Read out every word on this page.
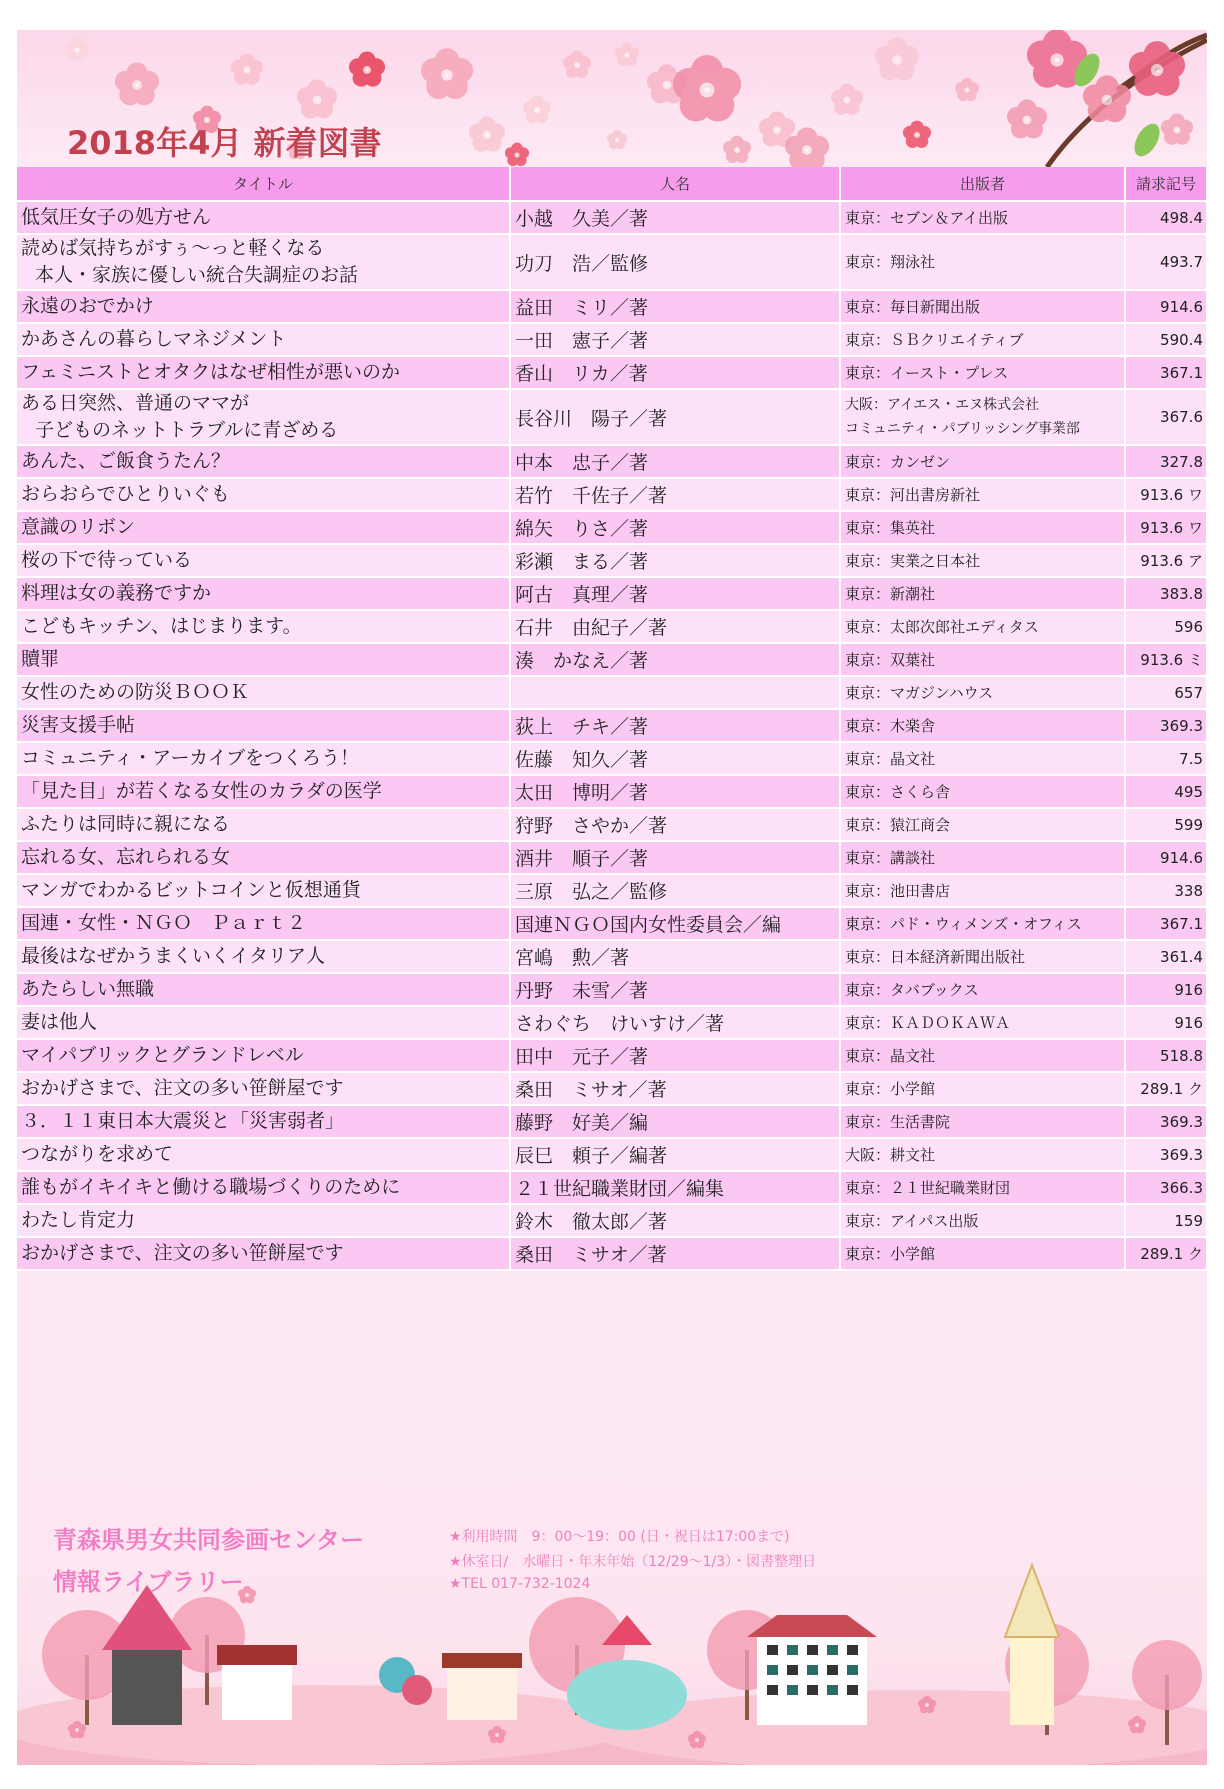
2018年4月 新着図書
タイトル	人名	出版者	請求記号

低気圧女子の処方せん	小越　久美／著	東京：セブン＆アイ出版	498.4

読めば気持ちがすぅ～っと軽くなる
本人・家族に優しい統合失調症のお話	功刀　浩／監修	東京：翔泳社	493.7

永遠のおでかけ	益田　ミリ／著	東京：毎日新聞出版	914.6

かあさんの暮らしマネジメント	一田　憲子／著	東京：ＳＢクリエイティブ	590.4

フェミニストとオタクはなぜ相性が悪いのか	香山　リカ／著	東京：イースト・プレス	367.1

ある日突然、普通のママが
子どものネットトラブルに青ざめる	長谷川　陽子／著	大阪：アイエス・エヌ株式会社
コミュニティ・パブリッシング事業部	367.6

あんた、ご飯食うたん？	中本　忠子／著	東京：カンゼン	327.8

おらおらでひとりいぐも	若竹　千佐子／著	東京：河出書房新社	913.6 ワ

意識のリボン	綿矢　りさ／著	東京：集英社	913.6 ワ

桜の下で待っている	彩瀬　まる／著	東京：実業之日本社	913.6 ア

料理は女の義務ですか	阿古　真理／著	東京：新潮社	383.8

こどもキッチン、はじまります。	石井　由紀子／著	東京：太郎次郎社エディタス	596

贖罪	湊　かなえ／著	東京：双葉社	913.6 ミ

女性のための防災ＢＯＯＫ		東京：マガジンハウス	657

災害支援手帖	荻上　チキ／著	東京：木楽舎	369.3

コミュニティ・アーカイブをつくろう！	佐藤　知久／著	東京：晶文社	7.5

「見た目」が若くなる女性のカラダの医学	太田　博明／著	東京：さくら舎	495

ふたりは同時に親になる	狩野　さやか／著	東京：猿江商会	599

忘れる女、忘れられる女	酒井　順子／著	東京：講談社	914.6

マンガでわかるビットコインと仮想通貨	三原　弘之／監修	東京：池田書店	338

国連・女性・ＮＧＯ　Ｐａｒｔ２	国連ＮＧＯ国内女性委員会／編	東京：パド・ウィメンズ・オフィス	367.1

最後はなぜかうまくいくイタリア人	宮嶋　勲／著	東京：日本経済新聞出版社	361.4

あたらしい無職	丹野　未雪／著	東京：タバブックス	916

妻は他人	さわぐち　けいすけ／著	東京：ＫＡＤＯＫＡＷＡ	916

マイパブリックとグランドレベル	田中　元子／著	東京：晶文社	518.8

おかげさまで、注文の多い笹餅屋です	桑田　ミサオ／著	東京：小学館	289.1 ク

３．１１東日本大震災と「災害弱者」	藤野　好美／編	東京：生活書院	369.3

つながりを求めて	辰巳　頼子／編著	大阪：耕文社	369.3

誰もがイキイキと働ける職場づくりのために	２１世紀職業財団／編集	東京：２１世紀職業財団	366.3

わたし肯定力	鈴木　徹太郎／著	東京：アイパス出版	159

おかげさまで、注文の多い笹餅屋です	桑田　ミサオ／著	東京：小学館	289.1 ク
青森県男女共同参画センター
情報ライブラリー
★利用時間　9：00～19：00 (日・祝日は17:00まで)
★休室日/　水曜日・年末年始（12/29～1/3）・図書整理日
★TEL 017-732-1024
